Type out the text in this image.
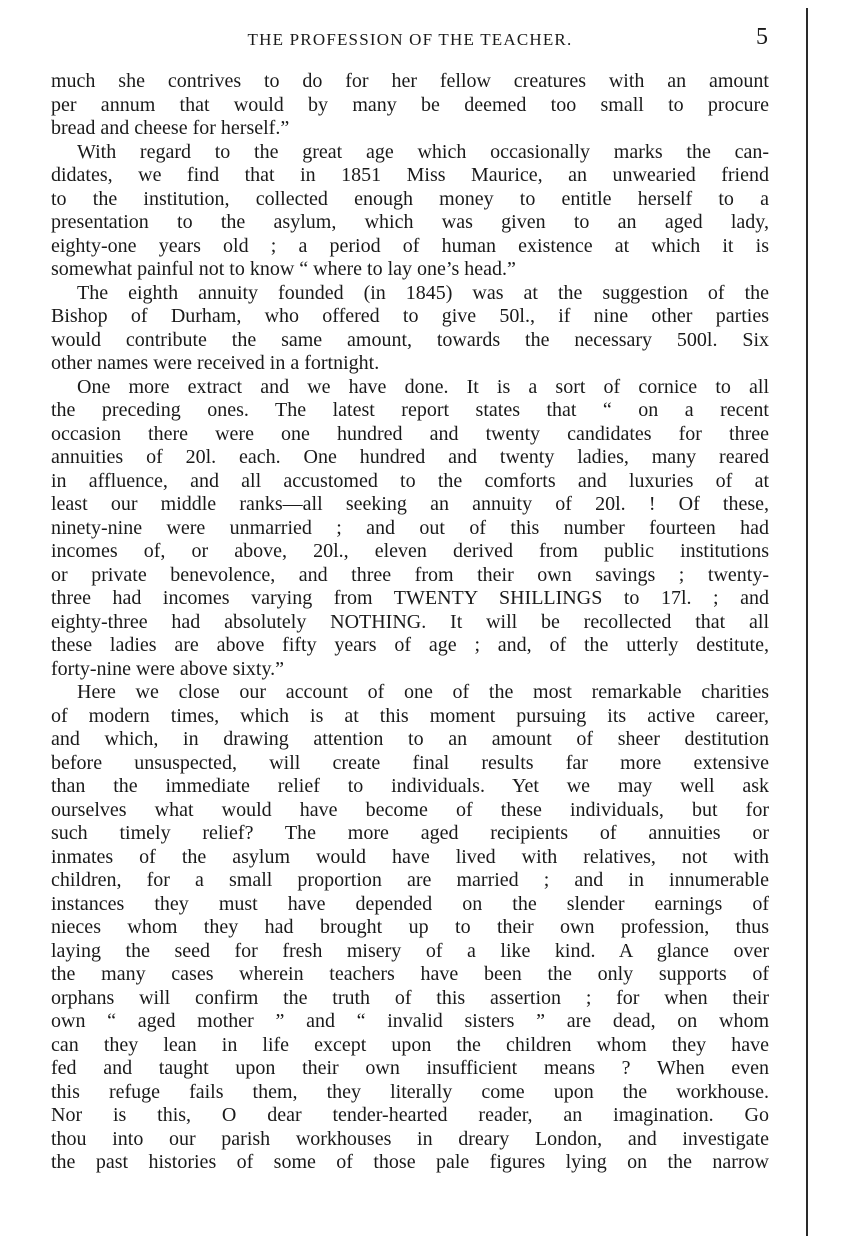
THE PROFESSION OF THE TEACHER.	5
much she contrives to do for her fellow creatures with an amount
per annum that would by many be deemed too small to procure
bread and cheese for herself.”
With regard to the great age which occasionally marks the can-
didates, we find that in 1851 Miss Maurice, an unwearied friend
to the institution, collected enough money to entitle herself to a
presentation to the asylum, which was given to an aged lady,
eighty-one years old ; a period of human existence at which it is
somewhat painful not to know “ where to lay one’s head.”
The eighth annuity founded (in 1845) was at the suggestion of the
Bishop of Durham, who offered to give 50l., if nine other parties
would contribute the same amount, towards the necessary 500l. Six
other names were received in a fortnight.
One more extract and we have done. It is a sort of cornice to all
the preceding ones. The latest report states that “ on a recent
occasion there were one hundred and twenty candidates for three
annuities of 20l. each. One hundred and twenty ladies, many reared
in affluence, and all accustomed to the comforts and luxuries of at
least our middle ranks—all seeking an annuity of 20l. ! Of these,
ninety-nine were unmarried ; and out of this number fourteen had
incomes of, or above, 20l., eleven derived from public institutions
or private benevolence, and three from their own savings ; twenty-
three had incomes varying from TWENTY SHILLINGS to 17l. ; and
eighty-three had absolutely NOTHING. It will be recollected that all
these ladies are above fifty years of age ; and, of the utterly destitute,
forty-nine were above sixty.”
Here we close our account of one of the most remarkable charities
of modern times, which is at this moment pursuing its active career,
and which, in drawing attention to an amount of sheer destitution
before unsuspected, will create final results far more extensive
than the immediate relief to individuals. Yet we may well ask
ourselves what would have become of these individuals, but for
such timely relief? The more aged recipients of annuities or
inmates of the asylum would have lived with relatives, not with
children, for a small proportion are married ; and in innumerable
instances they must have depended on the slender earnings of
nieces whom they had brought up to their own profession, thus
laying the seed for fresh misery of a like kind. A glance over
the many cases wherein teachers have been the only supports of
orphans will confirm the truth of this assertion ; for when their
own “ aged mother ” and “ invalid sisters ” are dead, on whom
can they lean in life except upon the children whom they have
fed and taught upon their own insufficient means ? When even
this refuge fails them, they literally come upon the workhouse.
Nor is this, O dear tender-hearted reader, an imagination. Go
thou into our parish workhouses in dreary London, and investigate
the past histories of some of those pale figures lying on the narrow
